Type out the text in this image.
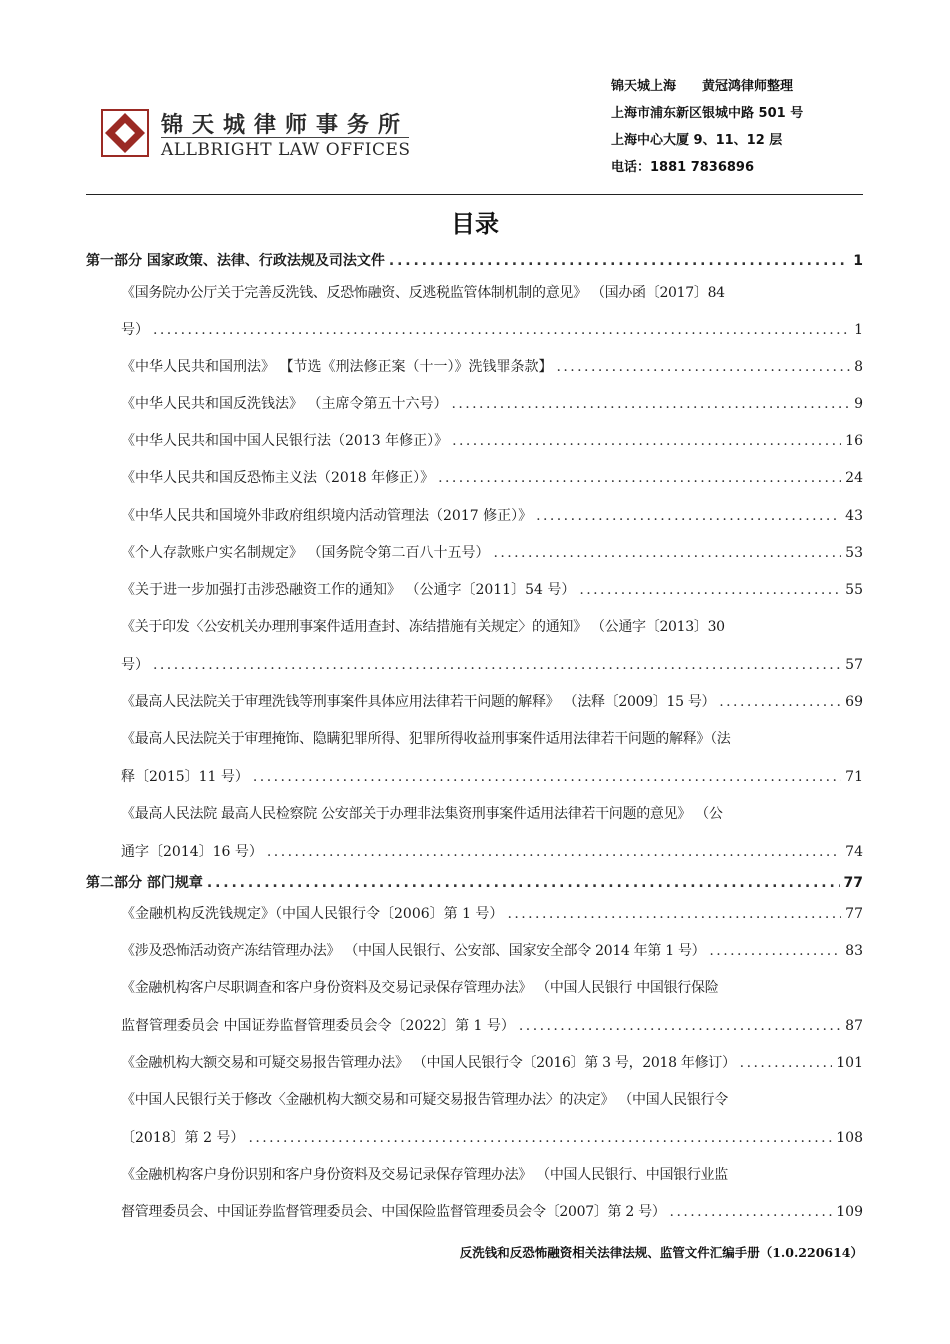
锦天城律师事务所
ALLBRIGHT LAW OFFICES
锦天城上海 黄冠鸿律师整理
上海市浦东新区银城中路 501 号
上海中心大厦 9、11、12 层
电话：1881 7836896
目录
第一部分 国家政策、法律、行政法规及司法文件 . . .	1
《国务院办公厅关于完善反洗钱、反恐怖融资、反逃税监管体制机制的意见》 （国办函〔2017〕84
号） . . .	1
《中华人民共和国刑法》 【节选《刑法修正案（十一）》洗钱罪条款】 . . .	8
《中华人民共和国反洗钱法》 （主席令第五十六号） . . .	9
《中华人民共和国中国人民银行法（2013 年修正）》 . . .	16
《中华人民共和国反恐怖主义法（2018 年修正）》 . . .	24
《中华人民共和国境外非政府组织境内活动管理法（2017 修正）》 . . .	43
《个人存款账户实名制规定》 （国务院令第二百八十五号） . . .	53
《关于进一步加强打击涉恐融资工作的通知》 （公通字〔2011〕54 号） . . .	55
《关于印发〈公安机关办理刑事案件适用查封、冻结措施有关规定〉的通知》 （公通字〔2013〕30
号） . . .	57
《最高人民法院关于审理洗钱等刑事案件具体应用法律若干问题的解释》 （法释〔2009〕15 号） . . .	69
《最高人民法院关于审理掩饰、隐瞒犯罪所得、犯罪所得收益刑事案件适用法律若干问题的解释》（法
释〔2015〕11 号） . . .	71
《最高人民法院 最高人民检察院 公安部关于办理非法集资刑事案件适用法律若干问题的意见》 （公
通字〔2014〕16 号） . . .	74
第二部分 部门规章 . . .	77
《金融机构反洗钱规定》（中国人民银行令〔2006〕第 1 号） . . .	77
《涉及恐怖活动资产冻结管理办法》 （中国人民银行、公安部、国家安全部令 2014 年第 1 号） . . .	83
《金融机构客户尽职调查和客户身份资料及交易记录保存管理办法》 （中国人民银行 中国银行保险
监督管理委员会 中国证券监督管理委员会令〔2022〕第 1 号） . . .	87
《金融机构大额交易和可疑交易报告管理办法》 （中国人民银行令〔2016〕第 3 号，2018 年修订） . . .	101
《中国人民银行关于修改〈金融机构大额交易和可疑交易报告管理办法〉的决定》 （中国人民银行令
〔2018〕第 2 号） . . .	108
《金融机构客户身份识别和客户身份资料及交易记录保存管理办法》 （中国人民银行、中国银行业监
督管理委员会、中国证券监督管理委员会、中国保险监督管理委员会令〔2007〕第 2 号） . . .	109
反洗钱和反恐怖融资相关法律法规、监管文件汇编手册（1.0.220614）
